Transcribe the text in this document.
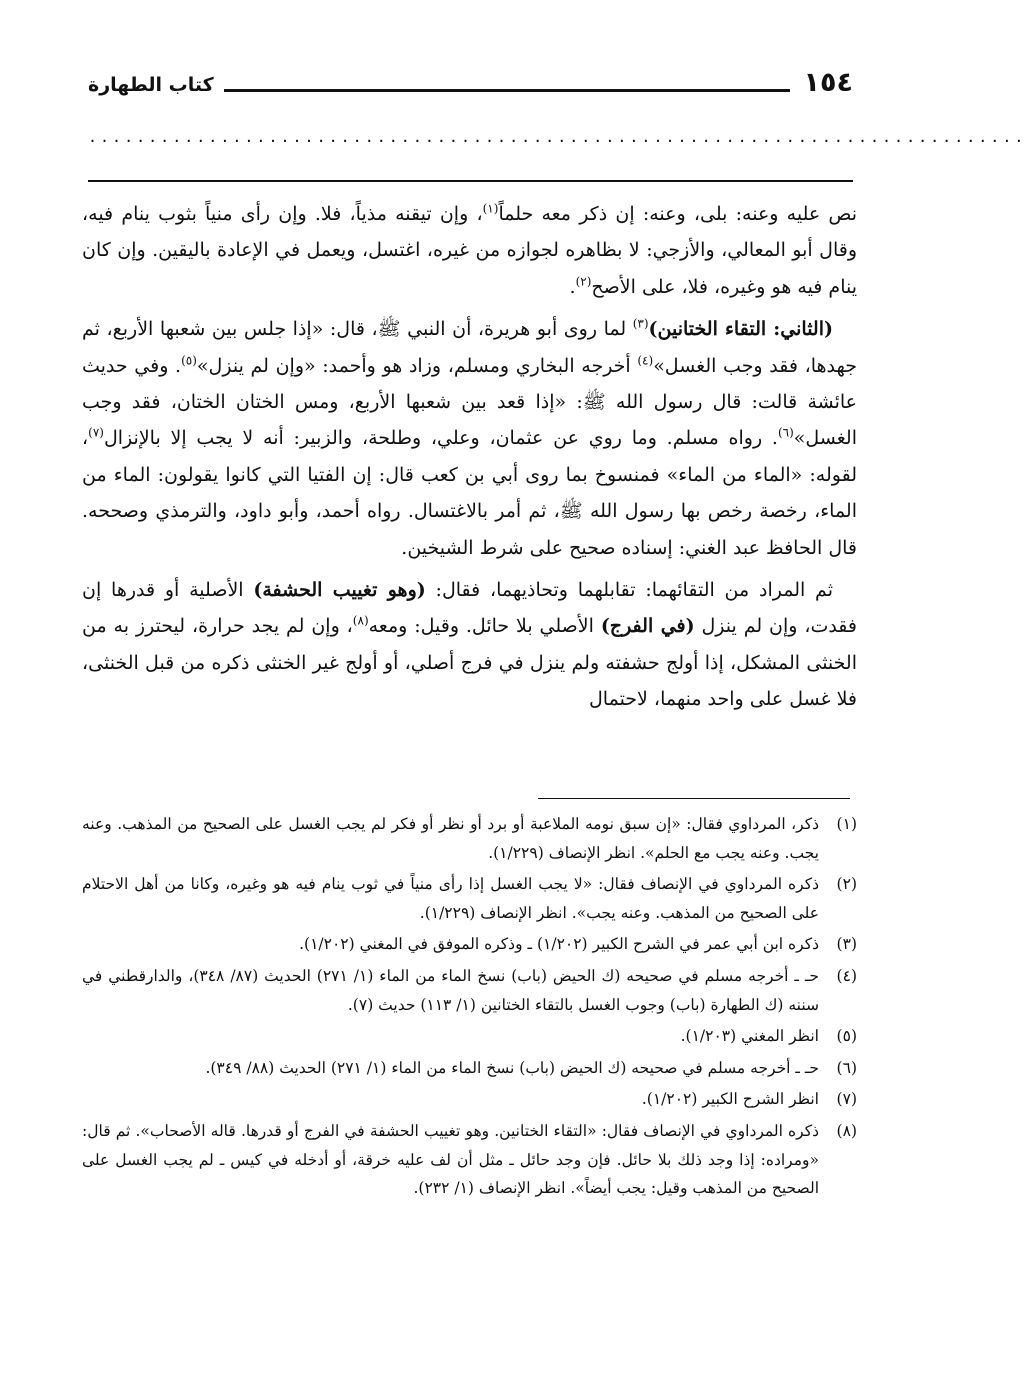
١٥٤
كتاب الطهارة
..............................................................................

نص عليه وعنه: بلى، وعنه: إن ذكر معه حلماً$^{(١)}$، وإن تيقنه مذياً، فلا. وإن رأى منياً بثوب ينام فيه، وقال أبو المعالي، والأزجي: لا بظاهره لجوازه من غيره، اغتسل، ويعمل في الإعادة باليقين. وإن كان ينام فيه هو وغيره، فلا، على الأصح$^{(٢)}$.

(الثاني: التقاء الختانين)$^{(٣)}$ لما روى أبو هريرة، أن النبي ﷺ، قال: «إذا جلس بين شعبها الأربع، ثم جهدها، فقد وجب الغسل»$^{(٤)}$ أخرجه البخاري ومسلم، وزاد هو وأحمد: «وإن لم ينزل»$^{(٥)}$. وفي حديث عائشة قالت: قال رسول الله ﷺ: «إذا قعد بين شعبها الأربع، ومس الختان الختان، فقد وجب الغسل»$^{(٦)}$. رواه مسلم. وما روي عن عثمان، وعلي، وطلحة، والزبير: أنه لا يجب إلا بالإنزال$^{(٧)}$، لقوله: «الماء من الماء» فمنسوخ بما روى أبي بن كعب قال: إن الفتيا التي كانوا يقولون: الماء من الماء، رخصة رخص بها رسول الله ﷺ، ثم أمر بالاغتسال. رواه أحمد، وأبو داود، والترمذي وصححه. قال الحافظ عبد الغني: إسناده صحيح على شرط الشيخين.

ثم المراد من التقائهما: تقابلهما وتحاذيهما، فقال: (وهو تغييب الحشفة) الأصلية أو قدرها إن فقدت، وإن لم ينزل (في الفرج) الأصلي بلا حائل. وقيل: ومعه$^{(٨)}$، وإن لم يجد حرارة، ليحترز به من الخنثى المشكل، إذا أولج حشفته ولم ينزل في فرج أصلي، أو أولج غير الخنثى ذكره من قبل الخنثى، فلا غسل على واحد منهما، لاحتمال

(١)
ذكر، المرداوي فقال: «إن سبق نومه الملاعبة أو برد أو نظر أو فكر لم يجب الغسل على الصحيح من المذهب. وعنه يجب. وعنه يجب مع الحلم». انظر الإنصاف (١/٢٢٩).
(٢)
ذكره المرداوي في الإنصاف فقال: «لا يجب الغسل إذا رأى منياً في ثوب ينام فيه هو وغيره، وكانا من أهل الاحتلام على الصحيح من المذهب. وعنه يجب». انظر الإنصاف (١/٢٢٩).
(٣)
ذكره ابن أبي عمر في الشرح الكبير (١/٢٠٢) ـ وذكره الموفق في المغني (١/٢٠٢).
(٤)
حـ ـ أخرجه مسلم في صحيحه (ك الحيض (باب) نسخ الماء من الماء (١/ ٢٧١) الحديث (٨٧/ ٣٤٨)، والدارقطني في سننه (ك الطهارة (باب) وجوب الغسل بالتقاء الختانين (١/ ١١٣) حديث (٧).
(٥)
انظر المغني (١/٢٠٣).
(٦)
حـ ـ أخرجه مسلم في صحيحه (ك الحيض (باب) نسخ الماء من الماء (١/ ٢٧١) الحديث (٨٨/ ٣٤٩).
(٧)
انظر الشرح الكبير (١/٢٠٢).
(٨)
ذكره المرداوي في الإنصاف فقال: «التقاء الختانين. وهو تغييب الحشفة في الفرج أو قدرها. قاله الأصحاب». ثم قال: «ومراده: إذا وجد ذلك بلا حائل. فإن وجد حائل ـ مثل أن لف عليه خرقة، أو أدخله في كيس ـ لم يجب الغسل على الصحيح من المذهب وقيل: يجب أيضاً». انظر الإنصاف (١/ ٢٣٢).
